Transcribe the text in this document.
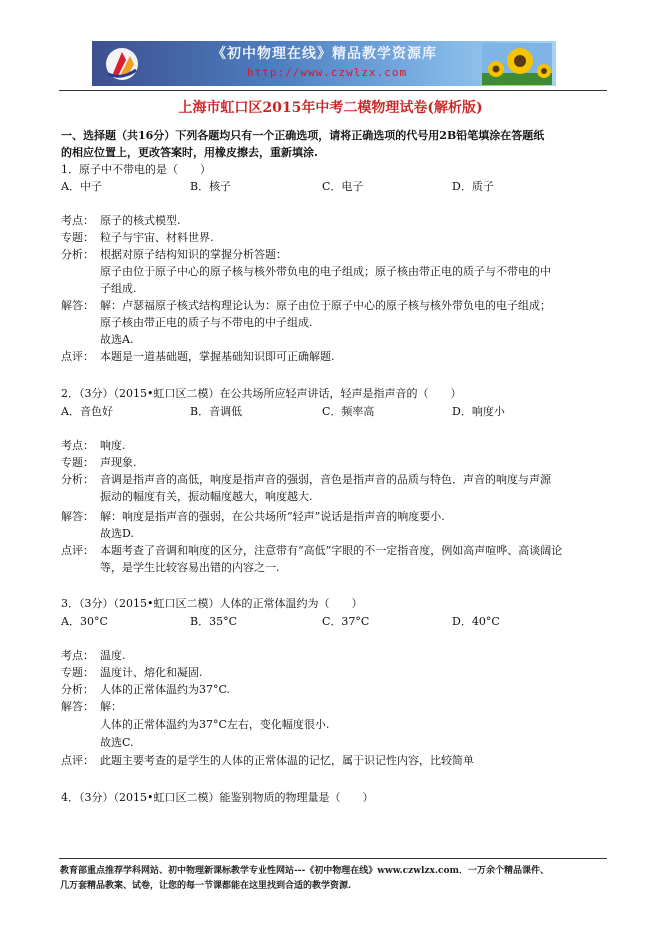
《初中物理在线》精品教学资源库
http://www.czwlzx.com
上海市虹口区2015年中考二模物理试卷(解析版)
一、选择题（共16分）下列各题均只有一个正确选项，请将正确选项的代号用2B铅笔填涂在答题纸
的相应位置上，更改答案时，用橡皮擦去，重新填涂.
1．原子中不带电的是（　　）
A．中子	B．核子	C．电子	D．质子
考点： 原子的核式模型.
专题： 粒子与宇宙、材料世界.
分析： 根据对原子结构知识的掌握分析答题：
原子由位于原子中心的原子核与核外带负电的电子组成；原子核由带正电的质子与不带电的中
子组成.
解答： 解：卢瑟福原子核式结构理论认为：原子由位于原子中心的原子核与核外带负电的电子组成；
原子核由带正电的质子与不带电的中子组成.
故选A.
点评： 本题是一道基础题，掌握基础知识即可正确解题.
2．（3分）（2015•虹口区二模）在公共场所应轻声讲话，轻声是指声音的（　　）
A．音色好	B．音调低	C．频率高	D．响度小
考点： 响度.
专题： 声现象.
分析： 音调是指声音的高低，响度是指声音的强弱，音色是指声音的品质与特色．声音的响度与声源
振动的幅度有关，振动幅度越大，响度越大.
解答： 解：响度是指声音的强弱，在公共场所“轻声”说话是指声音的响度要小.
故选D.
点评： 本题考查了音调和响度的区分，注意带有“高低”字眼的不一定指音度，例如高声喧哗、高谈阔论
等，是学生比较容易出错的内容之一.
3．（3分）（2015•虹口区二模）人体的正常体温约为（　　）
A．30°C	B．35°C	C．37°C	D．40°C
考点： 温度.
专题： 温度计、熔化和凝固.
分析： 人体的正常体温约为37°C.
解答： 解：
人体的正常体温约为37°C左右，变化幅度很小.
故选C.
点评： 此题主要考查的是学生的人体的正常体温的记忆，属于识记性内容，比较简单
4．（3分）（2015•虹口区二模）能鉴别物质的物理量是（　　）
教育部重点推荐学科网站、初中物理新课标教学专业性网站---《初中物理在线》www.czwlzx.com．一万余个精品课件、
几万套精品教案、试卷，让您的每一节课都能在这里找到合适的教学资源.
